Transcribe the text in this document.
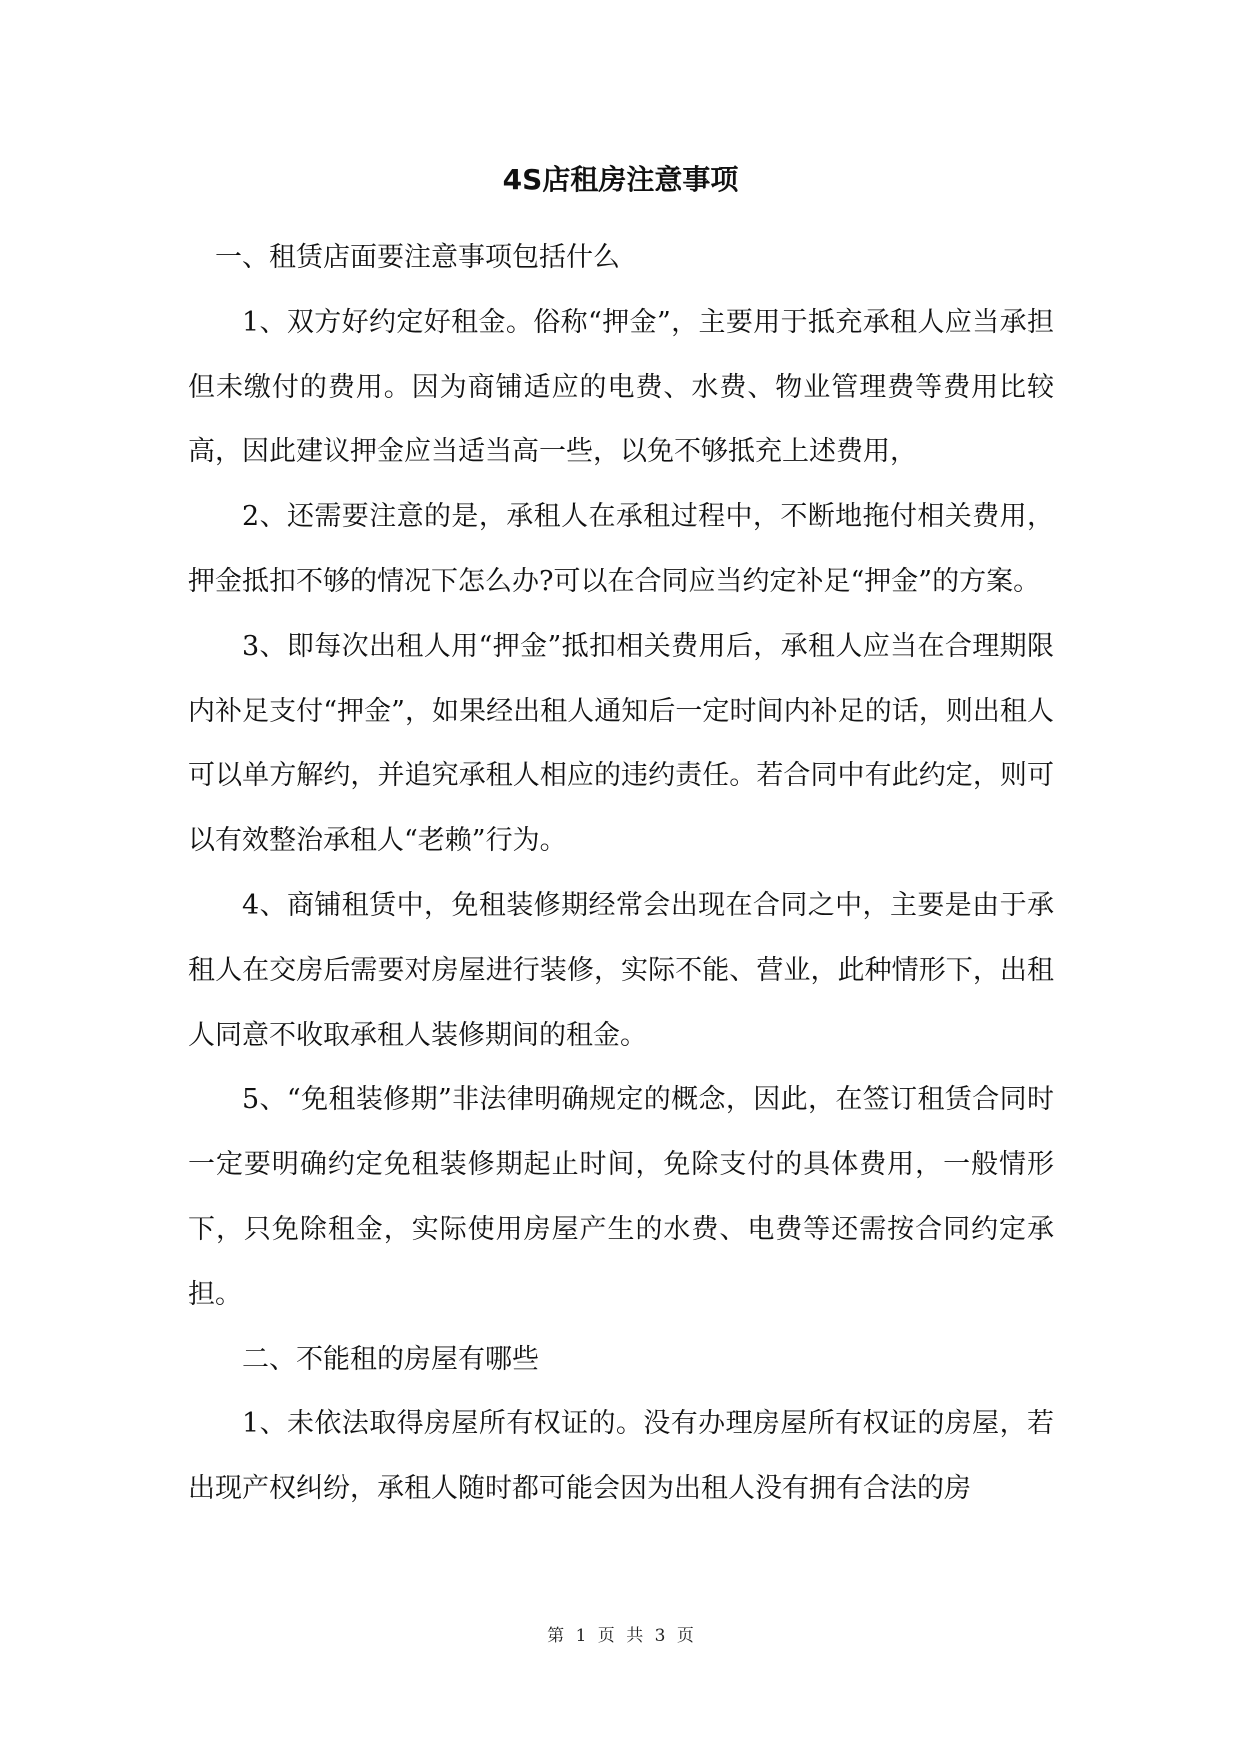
4S店租房注意事项

一、租赁店面要注意事项包括什么

1、双方好约定好租金。俗称“押金”，主要用于抵充承租人应当承担但未缴付的费用。因为商铺适应的电费、水费、物业管理费等费用比较高，因此建议押金应当适当高一些，以免不够抵充上述费用，

2、还需要注意的是，承租人在承租过程中，不断地拖付相关费用，押金抵扣不够的情况下怎么办?可以在合同应当约定补足“押金”的方案。

3、即每次出租人用“押金”抵扣相关费用后，承租人应当在合理期限内补足支付“押金”，如果经出租人通知后一定时间内补足的话，则出租人可以单方解约，并追究承租人相应的违约责任。若合同中有此约定，则可以有效整治承租人“老赖”行为。

4、商铺租赁中，免租装修期经常会出现在合同之中，主要是由于承租人在交房后需要对房屋进行装修，实际不能、营业，此种情形下，出租人同意不收取承租人装修期间的租金。

5、“免租装修期”非法律明确规定的概念，因此，在签订租赁合同时一定要明确约定免租装修期起止时间，免除支付的具体费用，一般情形下，只免除租金，实际使用房屋产生的水费、电费等还需按合同约定承担。

二、不能租的房屋有哪些

1、未依法取得房屋所有权证的。没有办理房屋所有权证的房屋，若出现产权纠纷，承租人随时都可能会因为出租人没有拥有合法的房

第 1 页 共 3 页
